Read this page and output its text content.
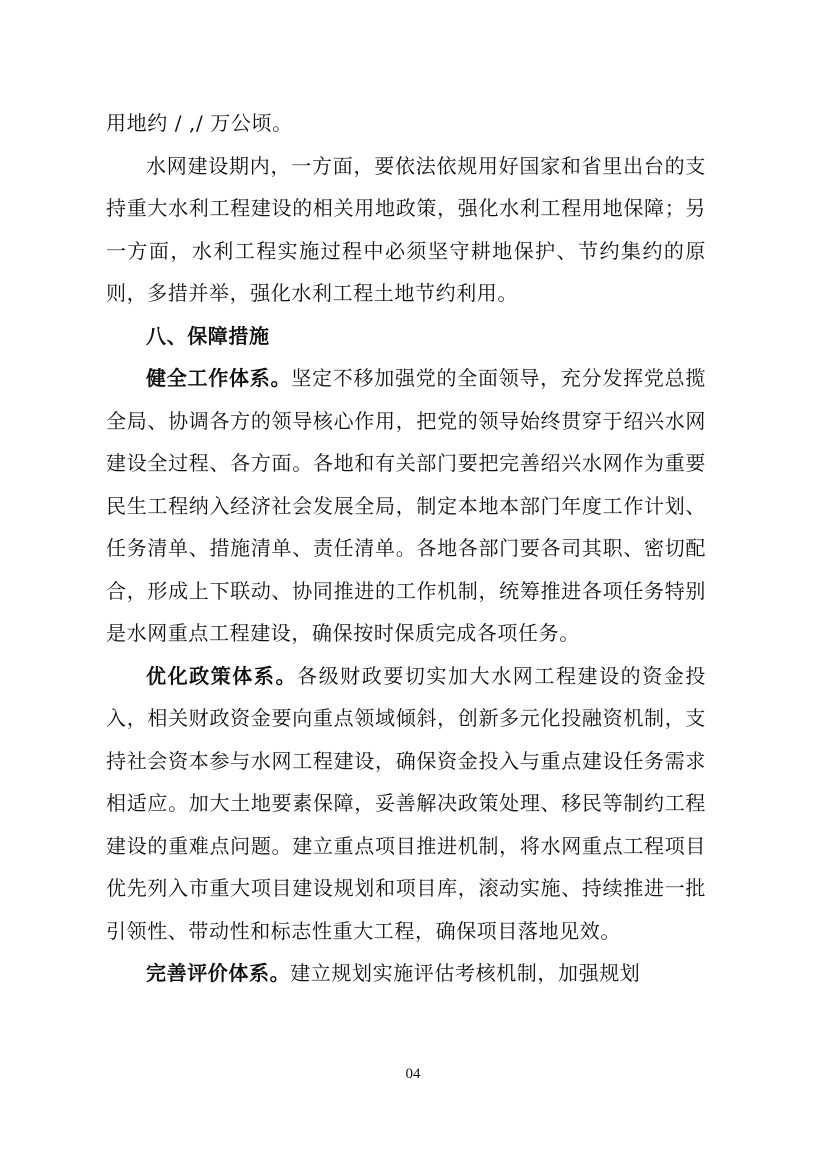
用地约 / ,/ 万公顷。

水网建设期内，一方面，要依法依规用好国家和省里出台的支持重大水利工程建设的相关用地政策，强化水利工程用地保障；另一方面，水利工程实施过程中必须坚守耕地保护、节约集约的原则，多措并举，强化水利工程土地节约利用。

八、保障措施

健全工作体系。坚定不移加强党的全面领导，充分发挥党总揽全局、协调各方的领导核心作用，把党的领导始终贯穿于绍兴水网建设全过程、各方面。各地和有关部门要把完善绍兴水网作为重要民生工程纳入经济社会发展全局，制定本地本部门年度工作计划、任务清单、措施清单、责任清单。各地各部门要各司其职、密切配合，形成上下联动、协同推进的工作机制，统筹推进各项任务特别是水网重点工程建设，确保按时保质完成各项任务。

优化政策体系。各级财政要切实加大水网工程建设的资金投入，相关财政资金要向重点领域倾斜，创新多元化投融资机制，支持社会资本参与水网工程建设，确保资金投入与重点建设任务需求相适应。加大土地要素保障，妥善解决政策处理、移民等制约工程建设的重难点问题。建立重点项目推进机制，将水网重点工程项目优先列入市重大项目建设规划和项目库，滚动实施、持续推进一批引领性、带动性和标志性重大工程，确保项目落地见效。

完善评价体系。建立规划实施评估考核机制，加强规划

04
